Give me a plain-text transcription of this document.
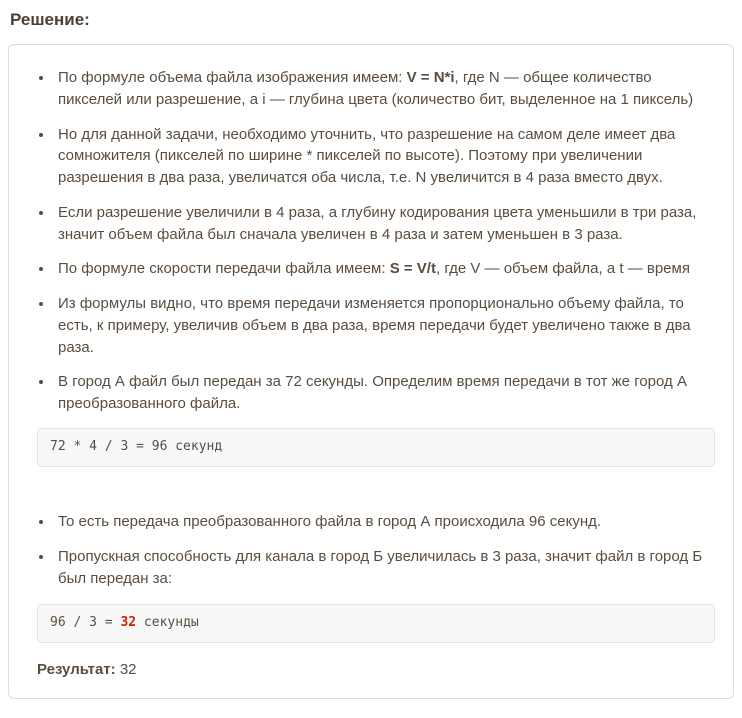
Решение:
• По формуле объема файла изображения имеем: V = N*i, где N — общее количество пикселей или разрешение, а i — глубина цвета (количество бит, выделенное на 1 пиксель)
• Но для данной задачи, необходимо уточнить, что разрешение на самом деле имеет два сомножителя (пикселей по ширине * пикселей по высоте). Поэтому при увеличении разрешения в два раза, увеличатся оба числа, т.е. N увеличится в 4 раза вместо двух.
• Если разрешение увеличили в 4 раза, а глубину кодирования цвета уменьшили в три раза, значит объем файла был сначала увеличен в 4 раза и затем уменьшен в 3 раза.
• По формуле скорости передачи файла имеем: S = V/t, где V — объем файла, а t — время
• Из формулы видно, что время передачи изменяется пропорционально объему файла, то есть, к примеру, увеличив объем в два раза, время передачи будет увеличено также в два раза.
• В город А файл был передан за 72 секунды. Определим время передачи в тот же город А преобразованного файла.
72 * 4 / 3 = 96 секунд
• То есть передача преобразованного файла в город А происходила 96 секунд.
• Пропускная способность для канала в город Б увеличилась в 3 раза, значит файл в город Б был передан за:
96 / 3 = 32 секунды

Результат: 32
